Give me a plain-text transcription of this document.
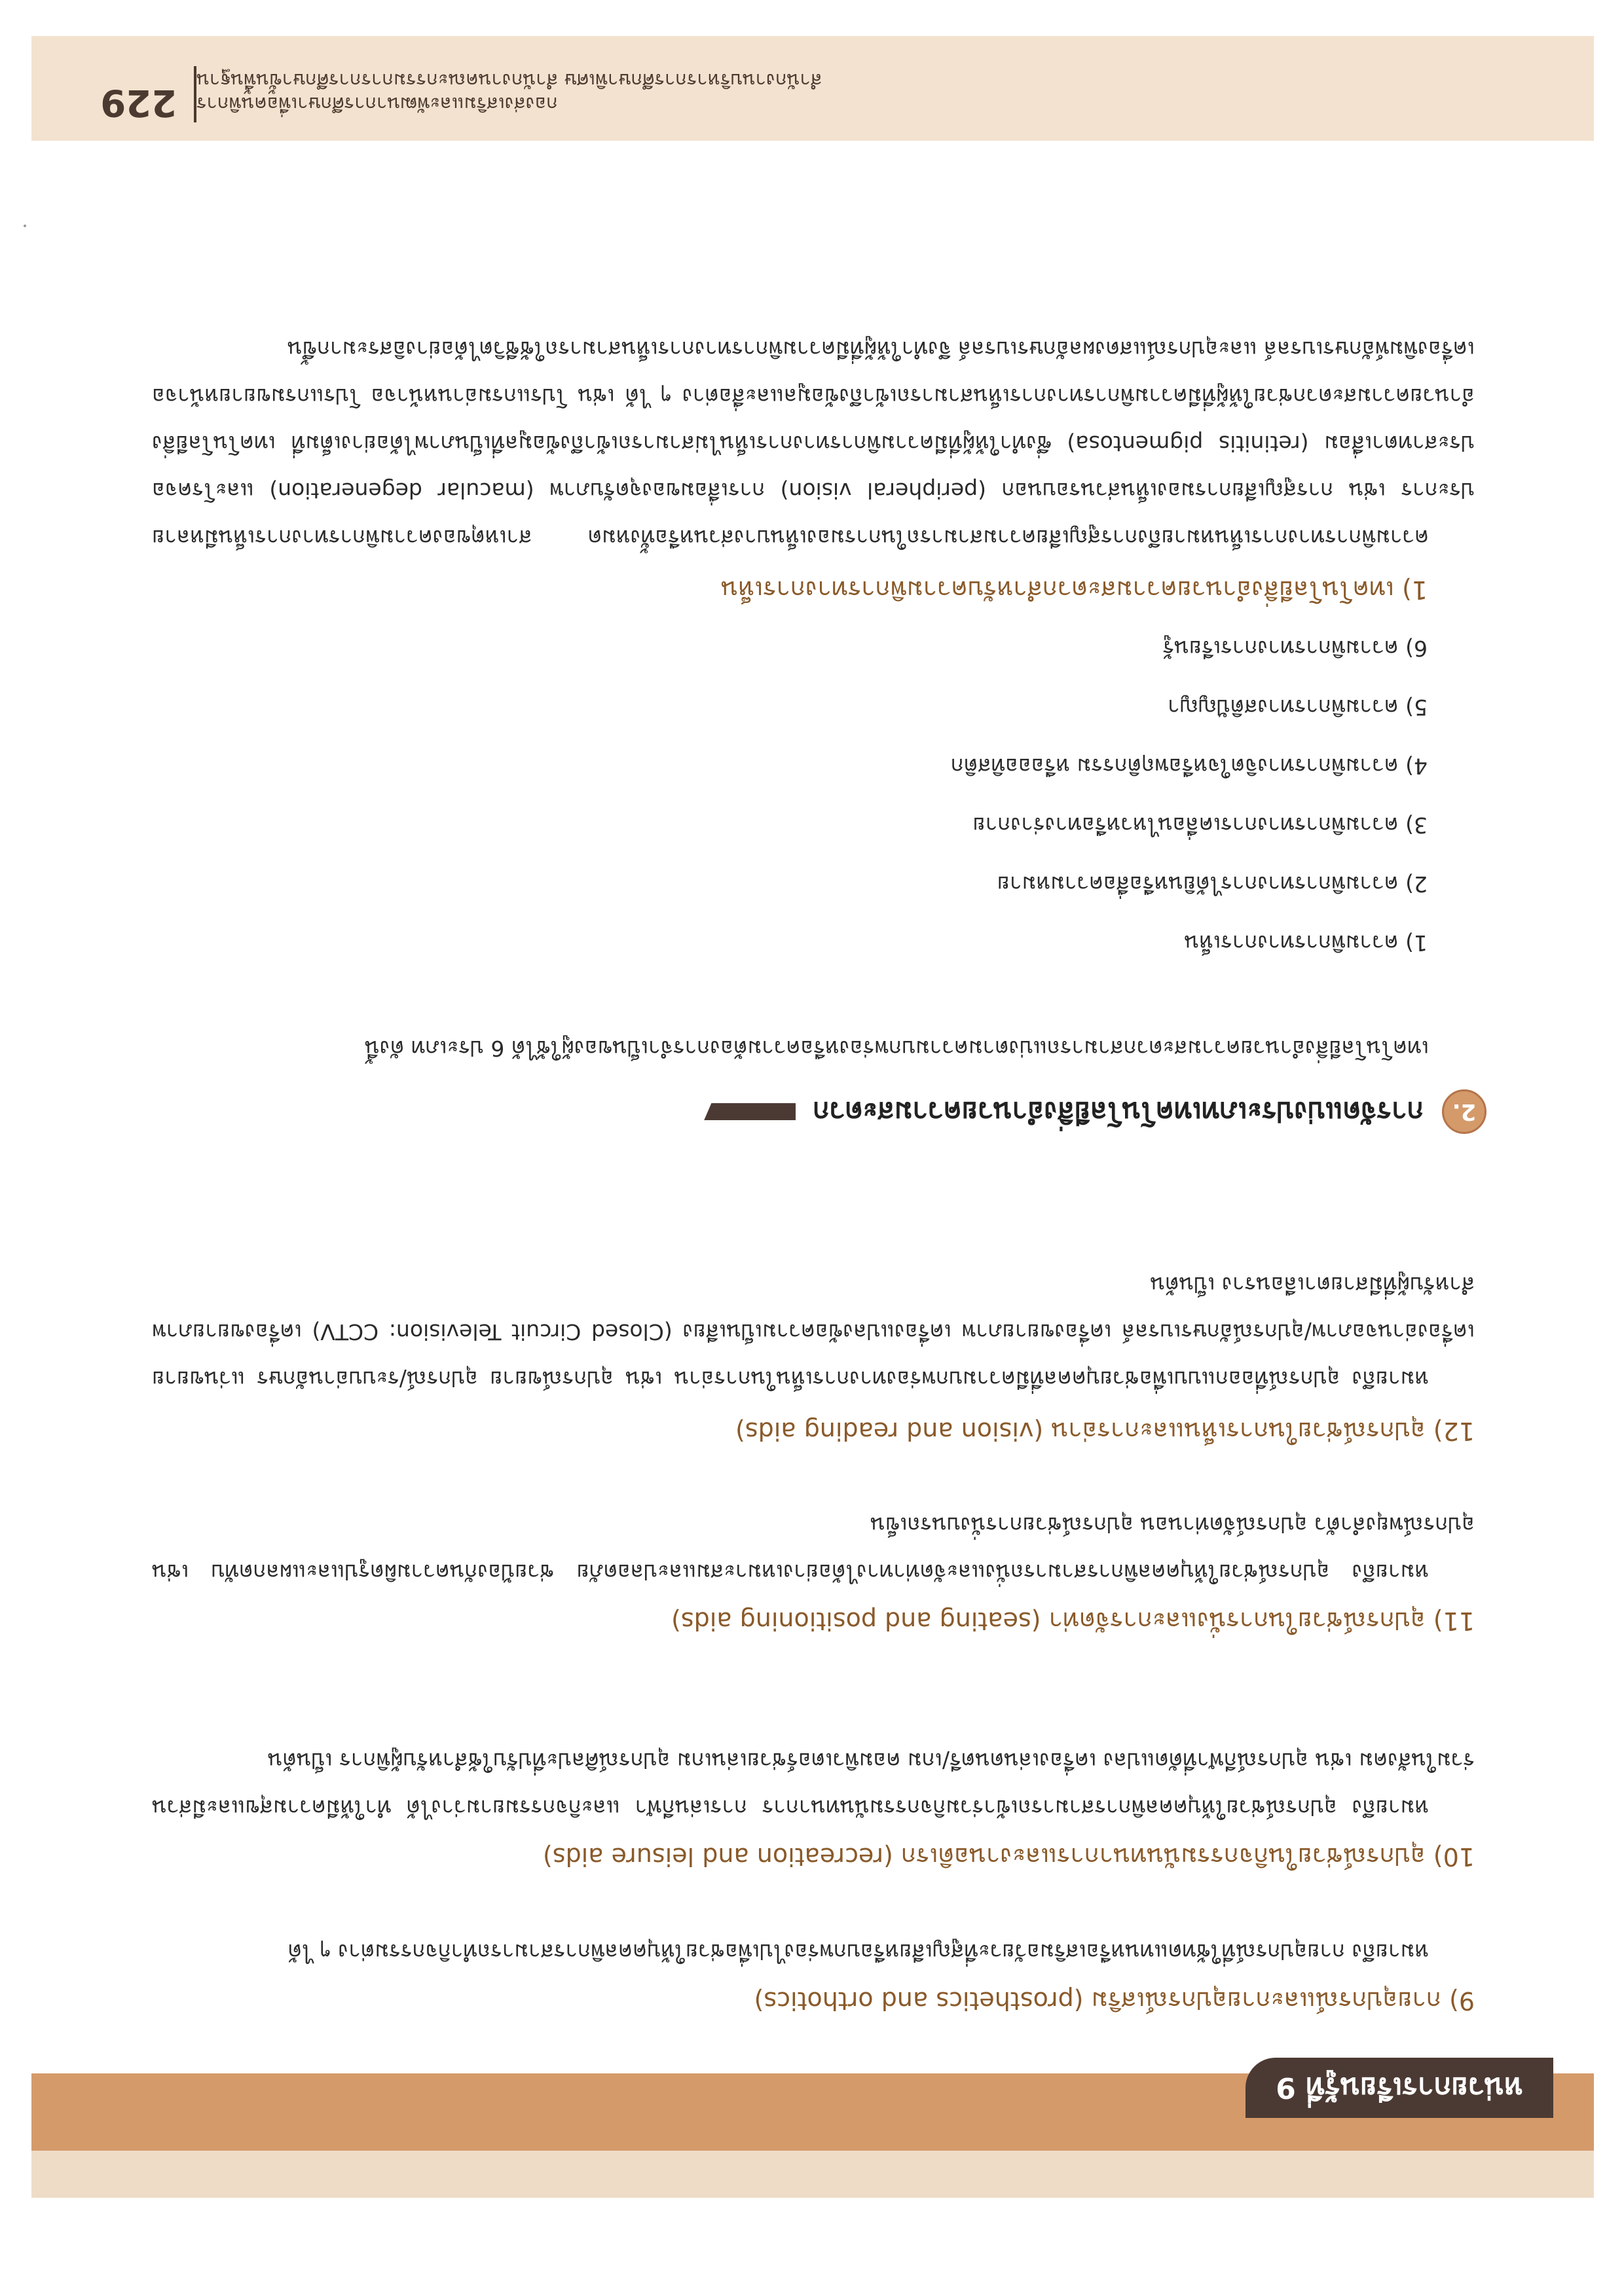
หน่วยการเรียนรู้ที่ 9
9) กายอุปกรณ์และกายอุปกรณ์เสริม (prosthetics and orthotics)

หมายถึง กายอุปกรณ์ที่ใช้ทดแทนหรือเสริมอวัยวะที่สูญเสียหรือบกพร่องไปเพื่อช่วยให้บุคคลพิการสามารถทำกิจกรรมต่าง ๆ ได้

10) อุปกรณ์ช่วยในกิจกรรมนันทนาการและงานอดิเรก (recreation and leisure aids)

หมายถึง อุปกรณ์ช่วยให้บุคคลพิการสามารถเข้าร่วมกิจกรรมนันทนาการ การเล่นกีฬา และกิจกรรมยามว่างได้ ทำให้มีความสุขและมีส่วนร่วมในสังคม เช่น อุปกรณ์กีฬาที่ดัดแปลง เครื่องเล่นดนตรี/เกม คอมพิวเตอร์ช่วยเล่นเกม อุปกรณ์ศิลปะที่ปรับใช้สำหรับผู้พิการ เป็นต้น

11) อุปกรณ์ช่วยในการนั่งและการจัดท่า (seating and positioning aids)

หมายถึง อุปกรณ์ช่วยให้บุคคลพิการสามารถนั่งและจัดท่าทางได้อย่างเหมาะสมและปลอดภัย ช่วยป้องกันความผิดรูปและแผลกดทับ เช่น อุปกรณ์พยุงลำตัว อุปกรณ์จัดท่านอน อุปกรณ์ช่วยการนั่งบนรถเข็น

12) อุปกรณ์ช่วยในการเห็นและการอ่าน (vision and reading aids)

หมายถึง อุปกรณ์ที่ออกแบบเพื่อช่วยบุคคลที่มีความบกพร่องทางการเห็นในการอ่าน เช่น อุปกรณ์ขยาย อุปกรณ์/ระบบอ่านอักษร แว่นขยาย เครื่องอ่านจอภาพ/อุปกรณ์อักษรเบรลล์ เครื่องขยายภาพ เครื่องแปลงข้อความเป็นเสียง (Closed Circuit Television: CCTV) เครื่องขยายภาพสำหรับผู้ที่มีสายตาเลือนราง เป็นต้น

2.
การจัดแบ่งประเภทเทคโนโลยีสิ่งอำนวยความสะดวก

เทคโนโลยีสิ่งอำนวยความสะดวกสามารถแบ่งตามความบกพร่องหรือความต้องการจำเป็นของผู้ใช้ได้ 6 ประเภท ดังนี้

1) ความพิการทางการเห็น
2) ความพิการทางการได้ยินหรือสื่อความหมาย
3) ความพิการทางการเคลื่อนไหวหรือทางร่างกาย
4) ความพิการทางจิตใจหรือพฤติกรรม หรือออทิสติก
5) ความพิการทางสติปัญญา
6) ความพิการทางการเรียนรู้
1) เทคโนโลยีสิ่งอำนวยความสะดวกสำหรับความพิการทางการเห็น

ความพิการทางการเห็นหมายถึงการสูญเสียความสามารถในการมองเห็นบางส่วนหรือทั้งหมด สาเหตุของความพิการทางการเห็นมีหลายประการ เช่น การสูญเสียการมองเห็นส่วนรอบนอก (peripheral vision) การเสื่อมของจุดรับภาพ (macular degeneration) และโรคจอประสาทตาเสื่อม (retinitis pigmentosa) ซึ่งทำให้ผู้ที่มีความพิการทางการเห็นไม่สามารถเข้าถึงข้อมูลที่เป็นภาพได้อย่างเต็มที่ เทคโนโลยีสิ่งอำนวยความสะดวกช่วยให้ผู้ที่มีความพิการทางการเห็นสามารถเข้าถึงข้อมูลและสื่อต่าง ๆ ได้ เช่น โปรแกรมอ่านหน้าจอ โปรแกรมขยายหน้าจอ เครื่องพิมพ์อักษรเบรลล์ และอุปกรณ์แสดงผลอักษรเบรลล์ จึงทำให้ผู้ที่มีความพิการทางการเห็นสามารถใช้ชีวิตได้อย่างอิสระมากขึ้น

กองส่งเสริมและพัฒนาการศึกษาเพื่อคนพิการ
สำนักงานบริหารการศึกษาพิเศษ สำนักงานคณะกรรมการการศึกษาขั้นพื้นฐาน
229
